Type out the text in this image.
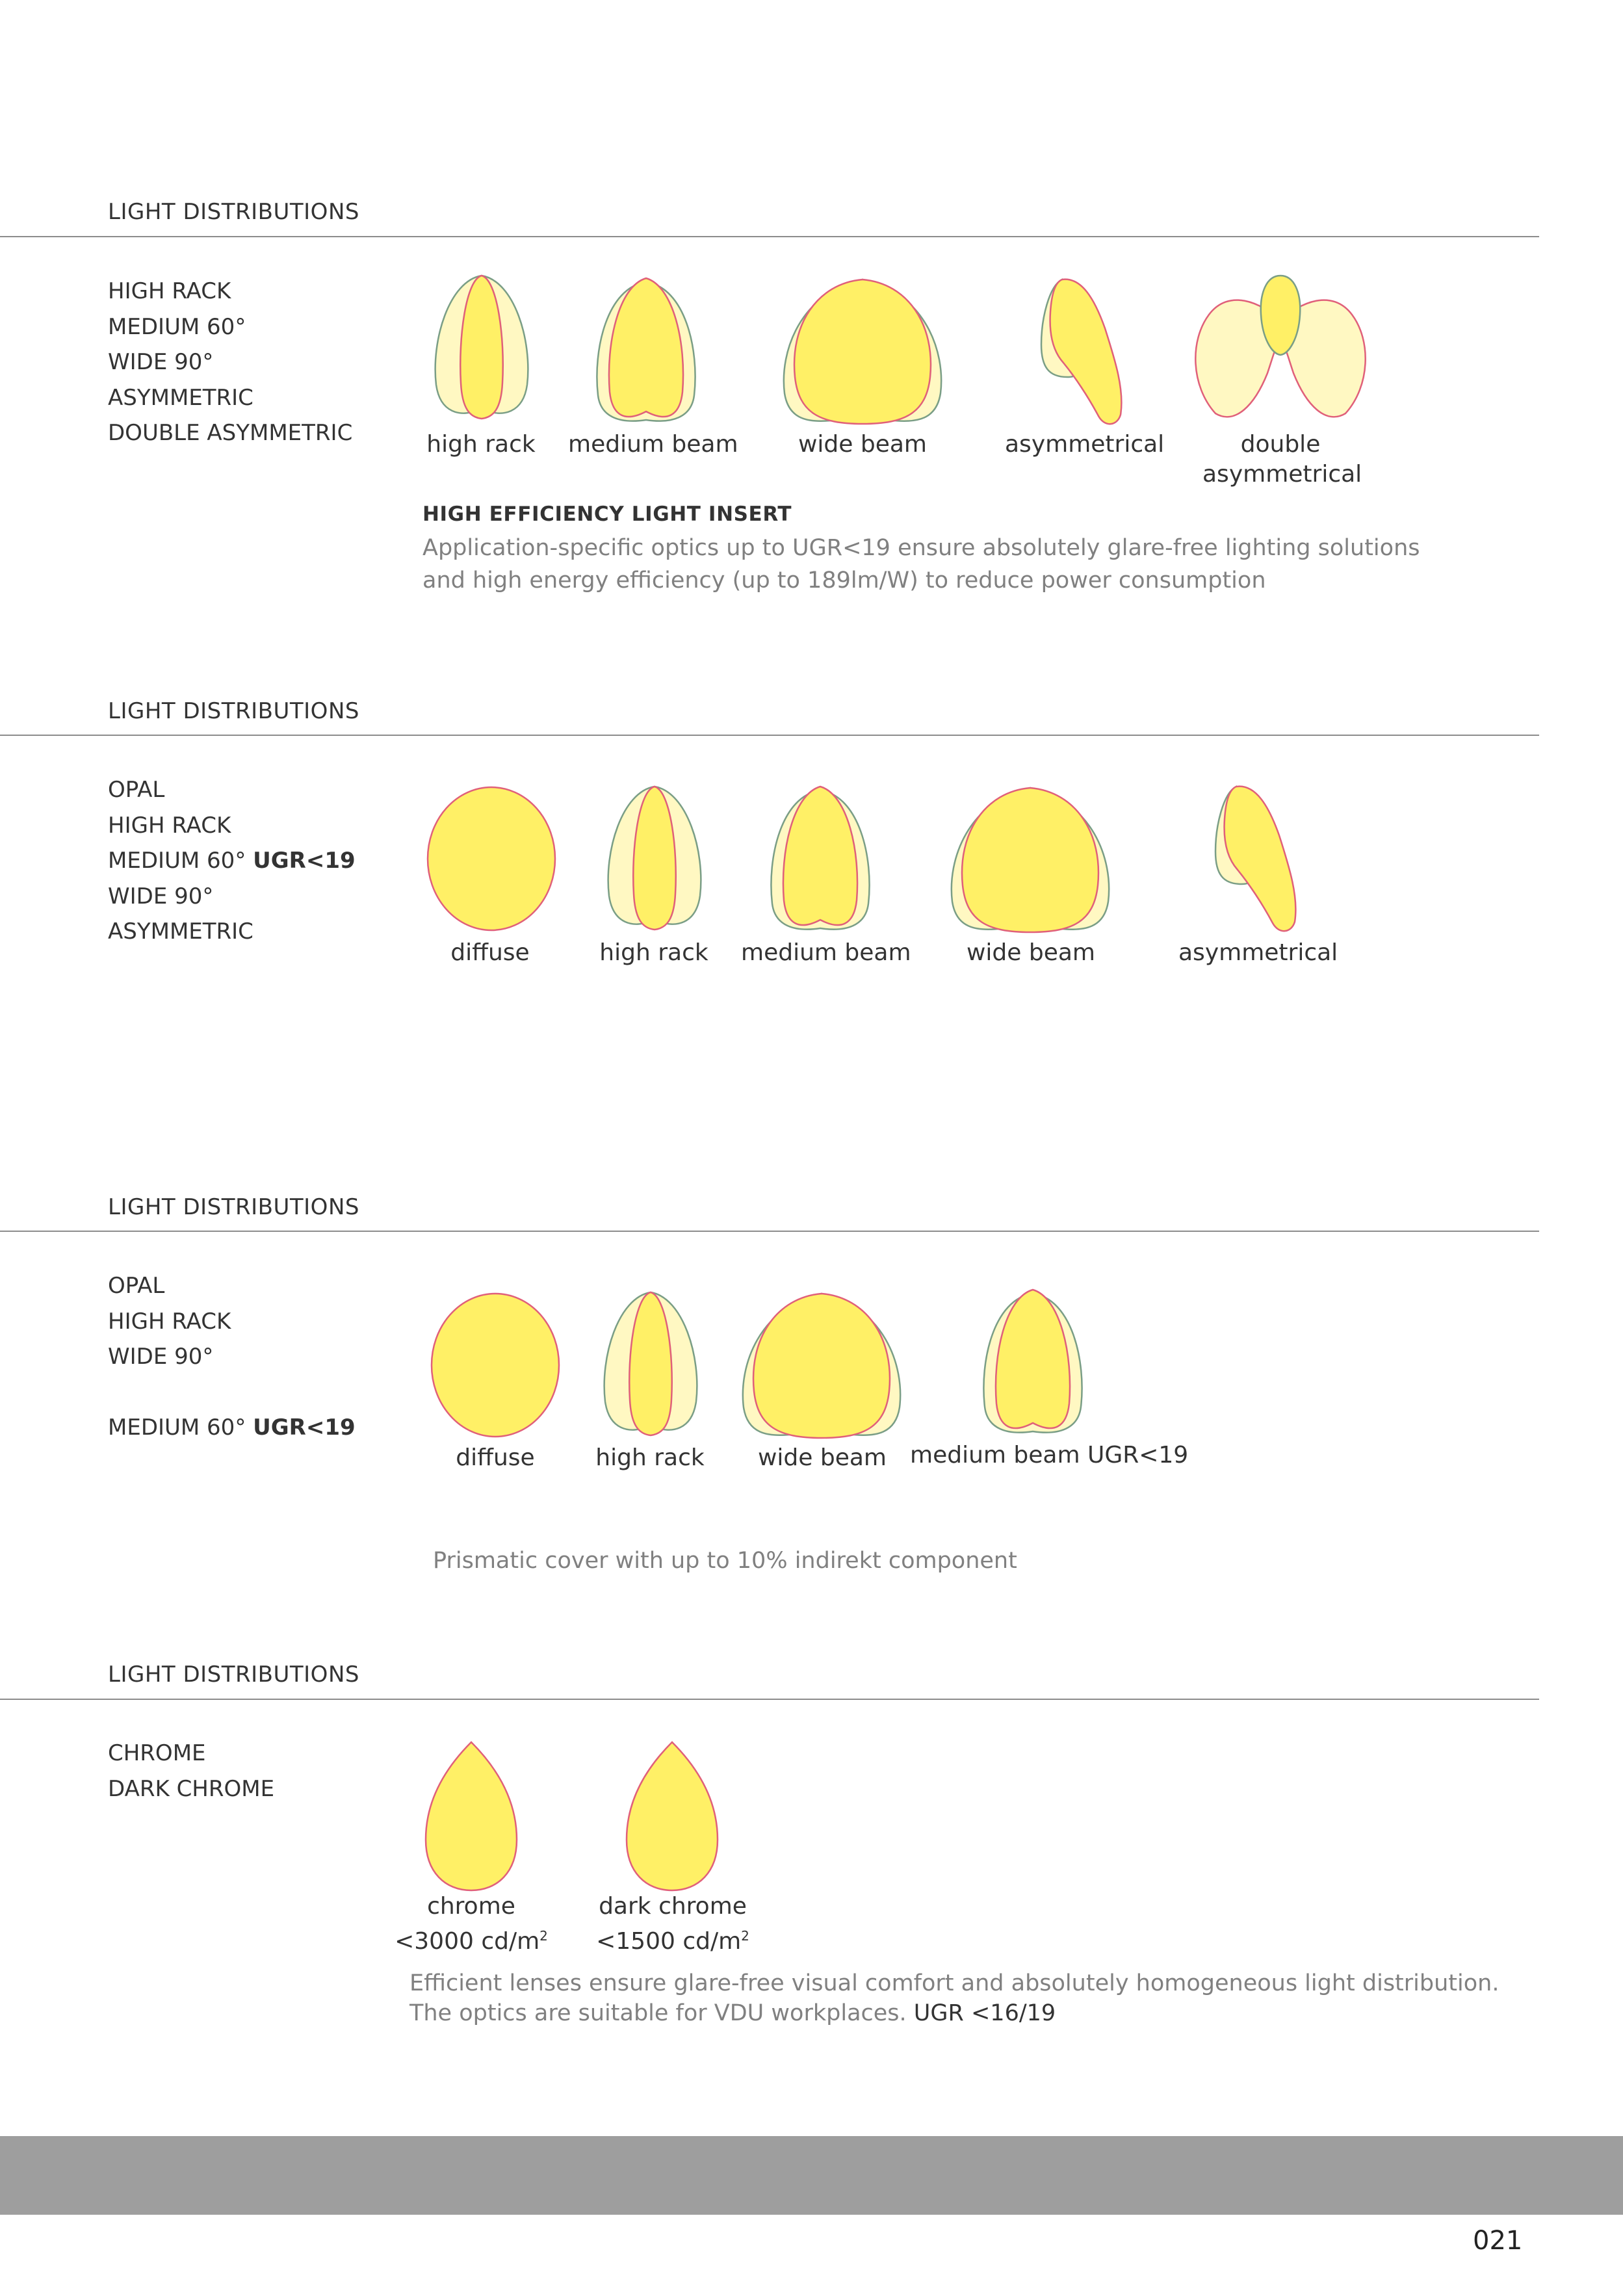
LIGHT DISTRIBUTIONS
HIGH RACK
MEDIUM 60°
WIDE 90°
ASYMMETRIC
DOUBLE ASYMMETRIC	high rack	medium beam	wide beam	asymmetrical	double
asymmetrical
HIGH EFFICIENCY LIGHT INSERT
Application-specific optics up to UGR<19 ensure absolutely glare-free lighting solutions
and high energy efficiency (up to 189lm/W) to reduce power consumption
LIGHT DISTRIBUTIONS
OPAL
HIGH RACK
MEDIUM 60° UGR<19
WIDE 90°
ASYMMETRIC
diffuse	high rack	medium beam	wide beam	asymmetrical
LIGHT DISTRIBUTIONS
OPAL
HIGH RACK
WIDE 90°
MEDIUM 60° UGR<19
diffuse	high rack	wide beam medium beam UGR<19
Prismatic cover with up to 10% indirekt component
LIGHT DISTRIBUTIONS
CHROME
DARK CHROME
chrome
<3000 $cd/m^2$
dark chrome
<1500 $cd/m^2$
Efficient lenses ensure glare-free visual comfort and absolutely homogeneous light distribution.
The optics are suitable for VDU workplaces. UGR <16/19
021
